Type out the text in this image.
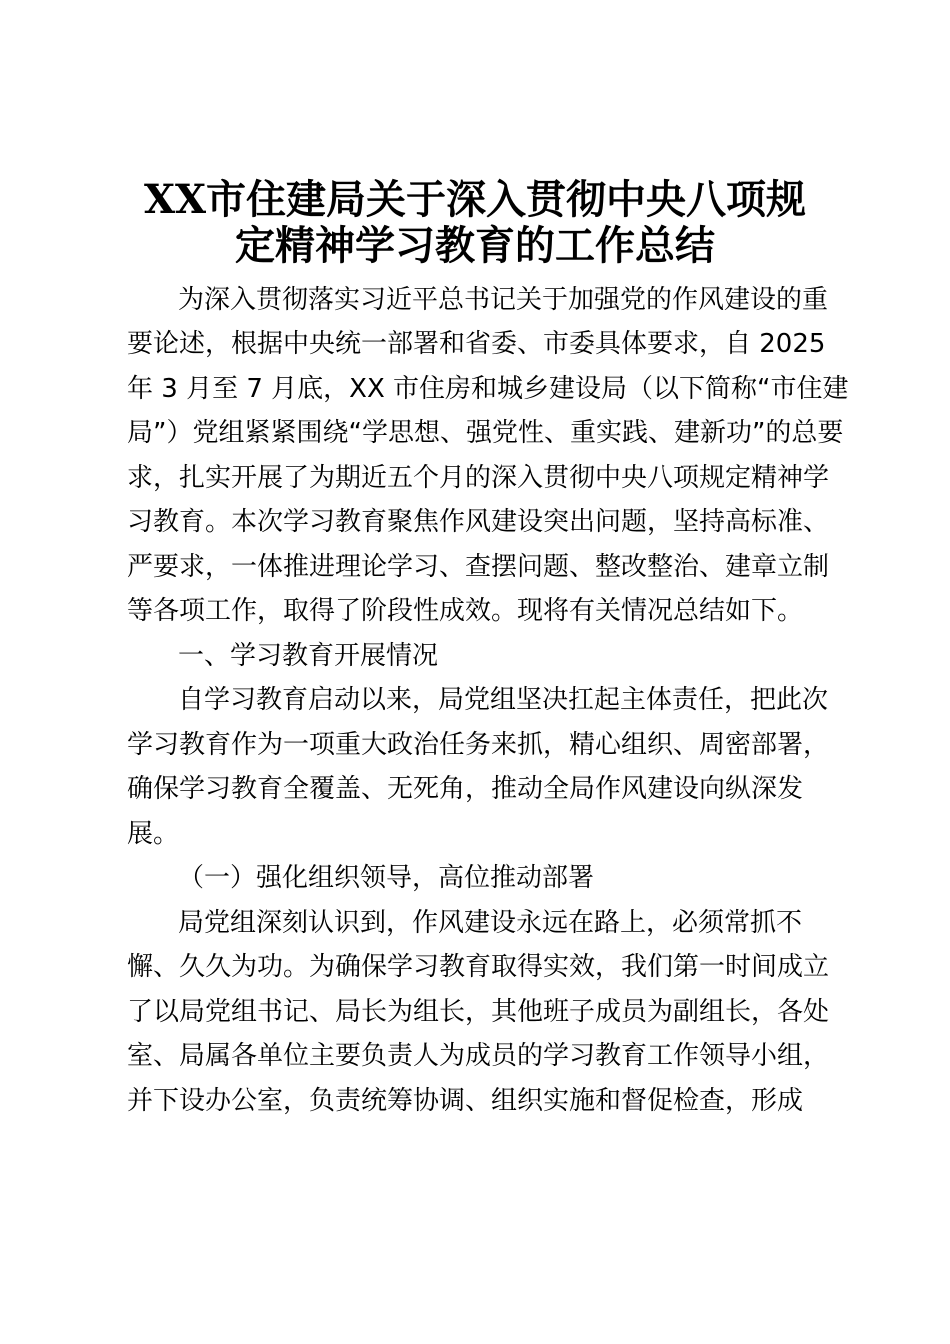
XX市住建局关于深入贯彻中央八项规
定精神学习教育的工作总结

为深入贯彻落实习近平总书记关于加强党的作风建设的重

要论述，根据中央统一部署和省委、市委具体要求，自 2025

年 3 月至 7 月底，XX 市住房和城乡建设局（以下简称“市住建

局”）党组紧紧围绕“学思想、强党性、重实践、建新功”的总要

求，扎实开展了为期近五个月的深入贯彻中央八项规定精神学

习教育。本次学习教育聚焦作风建设突出问题，坚持高标准、

严要求，一体推进理论学习、查摆问题、整改整治、建章立制

等各项工作，取得了阶段性成效。现将有关情况总结如下。

一、学习教育开展情况

自学习教育启动以来，局党组坚决扛起主体责任，把此次

学习教育作为一项重大政治任务来抓，精心组织、周密部署，

确保学习教育全覆盖、无死角，推动全局作风建设向纵深发

展。

（一）强化组织领导，高位推动部署

局党组深刻认识到，作风建设永远在路上，必须常抓不

懈、久久为功。为确保学习教育取得实效，我们第一时间成立

了以局党组书记、局长为组长，其他班子成员为副组长，各处

室、局属各单位主要负责人为成员的学习教育工作领导小组，

并下设办公室，负责统筹协调、组织实施和督促检查，形成
